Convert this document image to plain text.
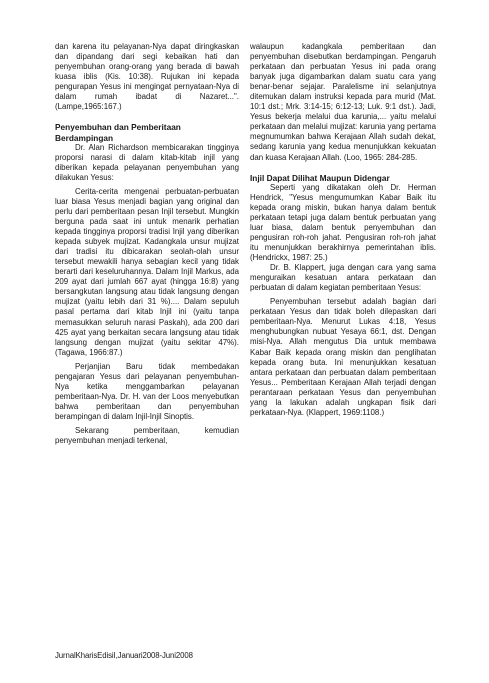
dan karena itu pelayanan-Nya dapat diringkaskan dan dipandang dari segi kebaikan hati dan penyembuhan orang-orang yang berada di bawah kuasa iblis (Kis. 10:38). Rujukan ini kepada pengurapan Yesus ini mengingat pernyataan-Nya di dalam rumah ibadat di Nazaret...". (Lampe,1965:167.)

Penyembuhan dan Pemberitaan
Berdampingan

Dr. Alan Richardson membicarakan tingginya proporsi narasi di dalam kitab-kitab injil yang diberikan kepada pelayanan penyembuhan yang dilakukan Yesus:

Cerita-cerita mengenai perbuatan-perbuatan luar biasa Yesus menjadi bagian yang original dan perlu dari pemberitaan pesan Injil tersebut. Mungkin berguna pada saat ini untuk menarik perhatian kepada tingginya proporsi tradisi Injil yang diberikan kepada subyek mujizat. Kadangkala unsur mujizat dari tradisi itu dibicarakan seolah-olah unsur tersebut mewakili hanya sebagian kecil yang tidak berarti dari keseluruhannya. Dalam Injil Markus, ada 209 ayat dari jumlah 667 ayat (hingga 16:8) yang bersangkutan langsung atau tidak langsung dengan mujizat (yaitu lebih dari 31 %).... Dalam sepuluh pasal pertama dari kitab Injil ini (yaitu tanpa memasukkan seluruh narasi Paskah), ada 200 dari 425 ayat yang berkaitan secara langsung atau tidak langsung dengan mujizat (yaitu sekitar 47%). (Tagawa, 1966:87.)

Perjanjian Baru tidak membedakan pengajaran Yesus dari pelayanan penyembuhan-Nya ketika menggambarkan pelayanan pemberitaan-Nya. Dr. H. van der Loos menyebutkan bahwa pemberitaan dan penyembuhan berampingan di dalam Injil-Injil Sinoptis.

Sekarang pemberitaan, kemudian penyembuhan menjadi terkenal,

walaupun kadangkala pemberitaan dan penyembuhan disebutkan berdampingan. Pengaruh perkataan dan perbuatan Yesus ini pada orang banyak juga digambarkan dalam suatu cara yang benar-benar sejajar. Paralelisme ini selanjutnya ditemukan dalam instruksi kepada para murid (Mat. 10:1 dst.; Mrk. 3:14-15; 6:12-13; Luk. 9:1 dst.). Jadi, Yesus bekerja melalui dua karunia,... yaitu melalui perkataan dan melalui mujizat: karunia yang pertama megnumumkan bahwa Kerajaan Allah sudah dekat, sedang karunia yang kedua menunjukkan kekuatan dan kuasa Kerajaan Allah. (Loo, 1965: 284-285.

Injil Dapat Dilihat Maupun Didengar

Seperti yang dikatakan oleh Dr. Herman Hendrick, "Yesus mengumumkan Kabar Baik itu kepada orang miskin, bukan hanya dalam bentuk perkataan tetapi juga dalam bentuk perbuatan yang luar biasa, dalam bentuk penyembuhan dan pengusiran roh-roh jahat. Pengusiran roh-roh jahat itu menunjukkan berakhirnya pemerintahan iblis. (Hendrickx, 1987: 25.)

Dr. B. Klappert, juga dengan cara yang sama menguraikan kesatuan antara perkataan dan perbuatan di dalam kegiatan pemberitaan Yesus:

Penyembuhan tersebut adalah bagian dari perkataan Yesus dan tidak boleh dilepaskan dari pemberitaan-Nya. Menurut Lukas 4:18, Yesus menghubungkan nubuat Yesaya 66:1, dst. Dengan misi-Nya. Allah mengutus Dia untuk membawa Kabar Baik kepada orang miskin dan penglihatan kepada orang buta. Ini menunjukkan kesatuan antara perkataan dan perbuatan dalam pemberitaan Yesus... Pemberitaan Kerajaan Allah terjadi dengan perantaraan perkataan Yesus dan penyembuhan yang la lakukan adalah ungkapan fisik dari perkataan-Nya. (Klappert, 1969:1108.)

JurnalKharisEdisiI,Januari2008-Juni2008
